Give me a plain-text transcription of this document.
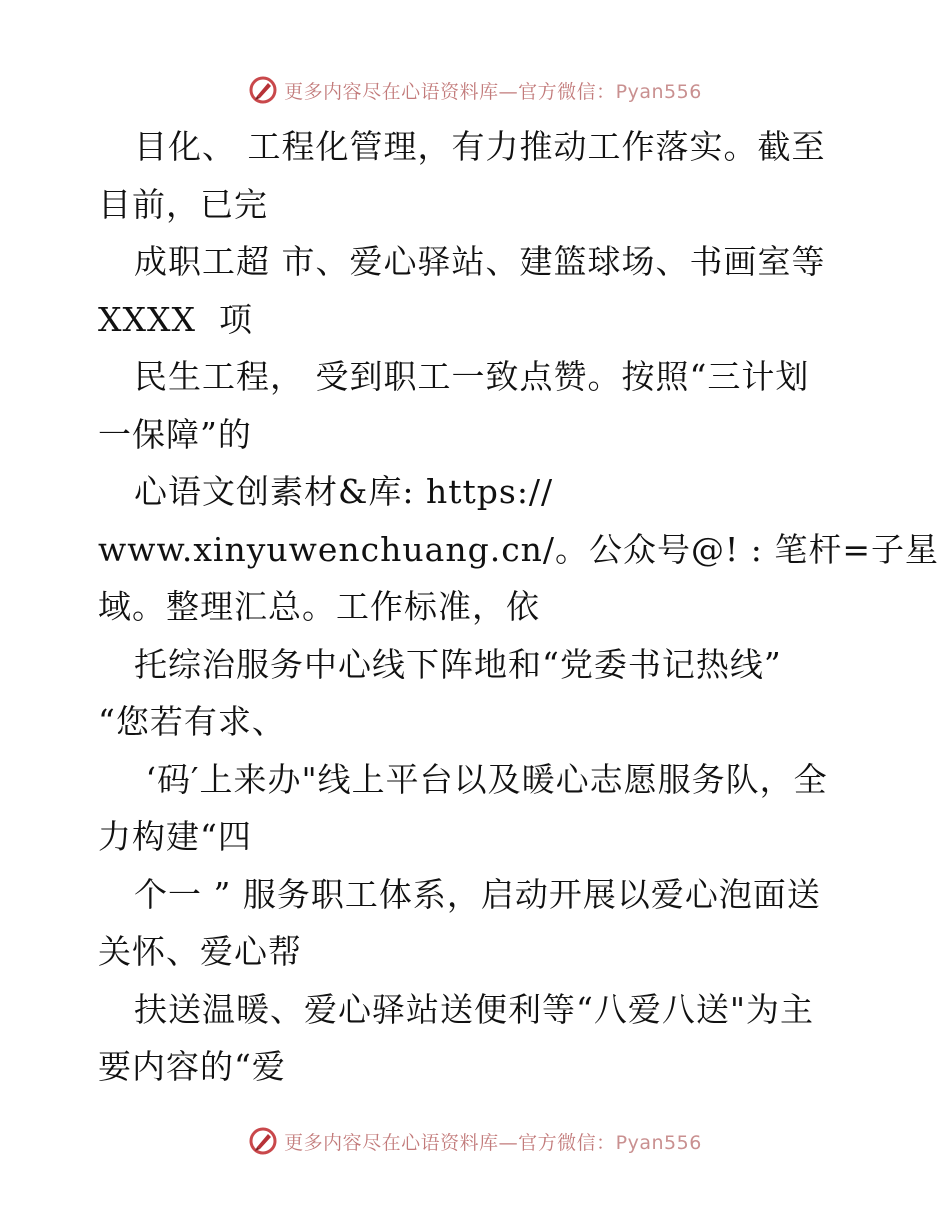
更多内容尽在心语资料库—官方微信：Pyan556
目化、 工程化管理，有力推动工作落实。截至
目前，已完
成职工超 市、爱心驿站、建篮球场、书画室等
XXXX  项
民生工程， 受到职工一致点赞。按照“三计划
一保障”的
心语文创素材&库: https://
www.xinyuwenchuang.cn/。公众号@! : 笔杆=子星
域。整理汇总。工作标准，依
托综治服务中心线下阵地和“党委书记热线”
“您若有求、
‘码′上来办"线上平台以及暖心志愿服务队，全
力构建“四
个一 ” 服务职工体系，启动开展以爱心泡面送
关怀、爱心帮
扶送温暖、爱心驿站送便利等“八爱八送"为主
要内容的“爱
更多内容尽在心语资料库—官方微信：Pyan556
